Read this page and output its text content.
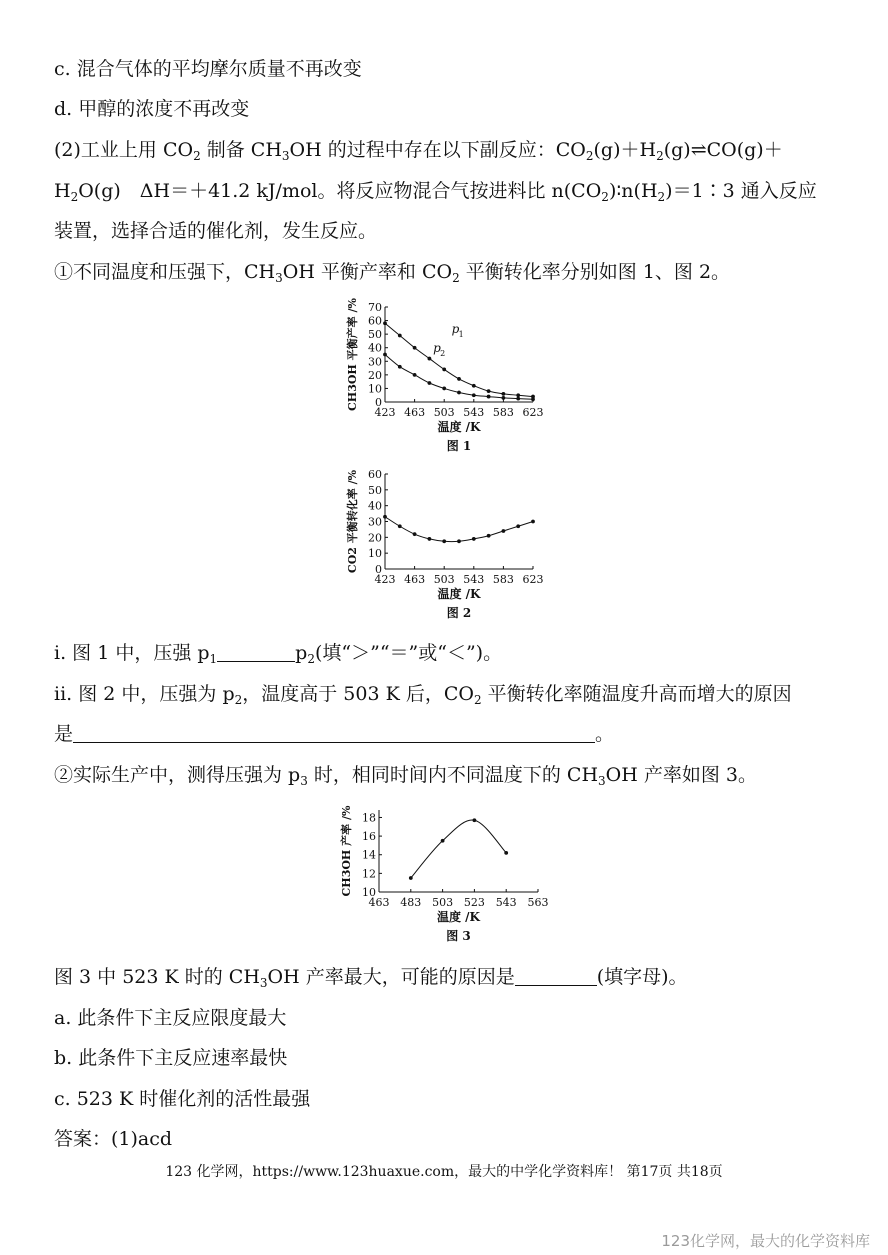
c. 混合气体的平均摩尔质量不再改变
d. 甲醇的浓度不再改变
(2)工业上用 $CO_2$ 制备 $CH_3OH$ 的过程中存在以下副反应：$CO_2(g)+H_2(g)\rightleftharpoons CO(g)+$
$H_2O(g)$　ΔH＝＋41.2 kJ/mol。将反应物混合气按进料比 $n(CO_2)∶n(H_2)=1∶3$ 通入反应
装置，选择合适的催化剂，发生反应。
①不同温度和压强下，$CH_3OH$ 平衡产率和 $CO_2$ 平衡转化率分别如图 1、图 2。
0
10
20
30
40
50
60
70
423 463 503 543 583 623
p 1
p 2
温度 /K
图 1
CH3OH 平衡产率 /%
0
10
20
30
40
50
60
423 463 503 543 583 623
温度 /K
图 2
CO2 平衡转化率 /%
i. 图 1 中，压强 $p_1$	$p_2$(填“＞”“＝”或“＜”)。
ii. 图 2 中，压强为 $p_2$，温度高于 503 K 后，$CO_2$ 平衡转化率随温度升高而增大的原因
是	。
②实际生产中，测得压强为 $p_3$ 时，相同时间内不同温度下的 $CH_3OH$ 产率如图 3。
10
12
14
16
18
463 483 503 523 543 563
温度 /K
图 3
CH3OH 产率 /%
图 3 中 523 K 时的 $CH_3OH$ 产率最大，可能的原因是	(填字母)。
a. 此条件下主反应限度最大
b. 此条件下主反应速率最快
c. 523 K 时催化剂的活性最强
答案：(1)acd
123 化学网，https://www.123huaxue.com，最大的中学化学资料库！ 第17页 共18页
123化学网，最大的化学资料库
